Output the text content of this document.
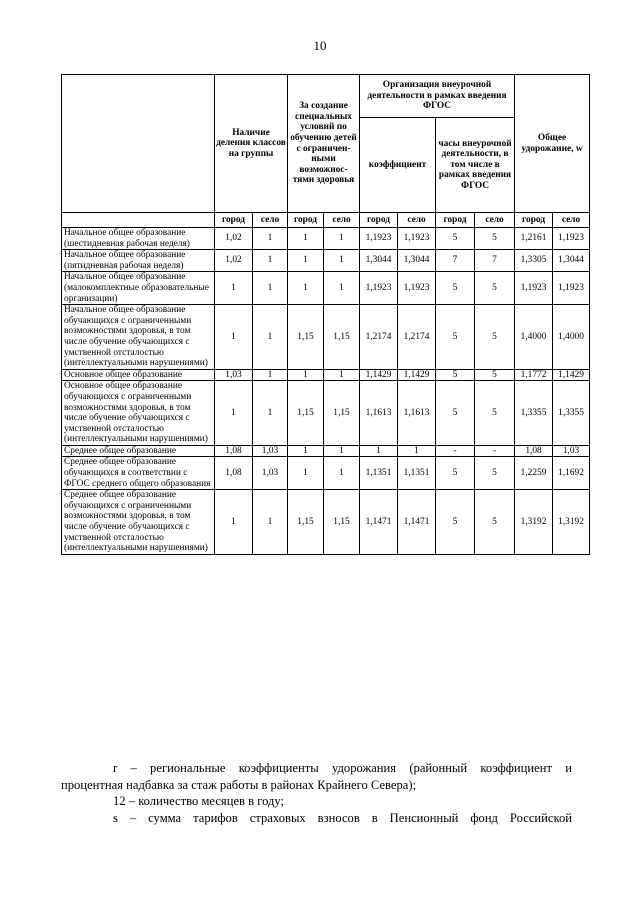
10
	Наличие деления классов на группы		За создание специальных условий по обучению детей с ограничен-ными возможнос-тями здоровья		Организация внеурочной деятельности в рамках введения ФГОС				Общее удорожание, w	
					коэффициент		часы внеурочной деятельности, в том числе в рамках введения ФГОС			
	город	село	город	село	город	село	город	село	город	село
Начальное общее образование (шестидневная рабочая неделя)	1,02	1	1	1	1,1923	1,1923	5	5	1,2161	1,1923
Начальное общее образование (пятидневная рабочая неделя)	1,02	1	1	1	1,3044	1,3044	7	7	1,3305	1,3044
Начальное общее образование (малокомплектные образовательные организации)	1	1	1	1	1,1923	1,1923	5	5	1,1923	1,1923
Начальное общее образование обучающихся с ограниченными возможностями здоровья, в том числе обучение обучающихся с умственной отсталостью (интеллектуальными нарушениями)	1	1	1,15	1,15	1,2174	1,2174	5	5	1,4000	1,4000
Основное общее образование	1,03	1	1	1	1,1429	1,1429	5	5	1,1772	1,1429
Основное общее образование обучающихся с ограниченными возможностями здоровья, в том числе обучение обучающихся с умственной отсталостью (интеллектуальными нарушениями)	1	1	1,15	1,15	1,1613	1,1613	5	5	1,3355	1,3355
Среднее общее образование	1,08	1,03	1	1	1	1	-	-	1,08	1,03
Среднее общее образование обучающихся в соответствии с ФГОС среднего общего образования	1,08	1,03	1	1	1,1351	1,1351	5	5	1,2259	1,1692
Среднее общее образование обучающихся с ограниченными возможностями здоровья, в том числе обучение обучающихся с умственной отсталостью (интеллектуальными нарушениями)	1	1	1,15	1,15	1,1471	1,1471	5	5	1,3192	1,3192

r – региональные коэффициенты удорожания (районный коэффициент и

процентная надбавка за стаж работы в районах Крайнего Севера);

12 – количество месяцев в году;

s – сумма тарифов страховых взносов в Пенсионный фонд Российской
